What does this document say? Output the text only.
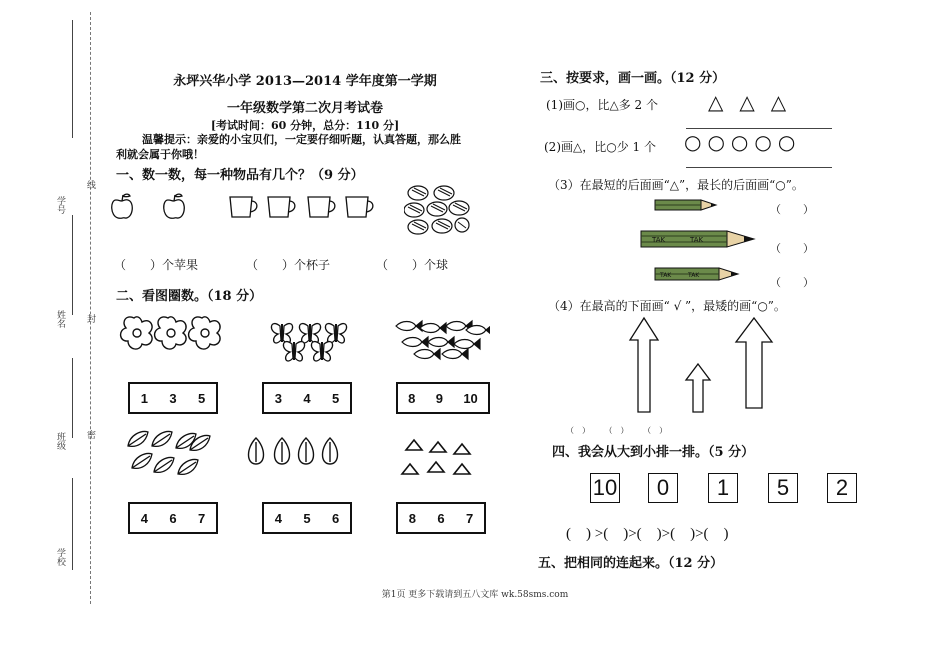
学号
线
姓名 封
班级 密
学校
永坪兴华小学 2013—2014 学年度第一学期
一年级数学第二次月考试卷
[考试时间：60 分钟，总分：110 分]
温馨提示：亲爱的小宝贝们，一定要仔细听题，认真答题，那么胜
利就会属于你哦！
一、数一数，每一种物品有几个？（9 分）
（　　）个苹果	（　　）个杯子	（　　）个球
二、看图圈数。（18 分）
1 3 5	3 4 5	8 9 10
4 6 7	4 5 6	8 6 7
三、按要求，画一画。（12 分）
(1)画○，比△多 2 个	△△△
(2)画△，比○少 1 个 ○○○○○
（3）在最短的后面画“△”，最长的后面画“○”。
（　　）
TAK	TAK
（　　）
TAK	TAK
（　　）
（4）在最高的下面画“ √ ”，最矮的画“○”。
（　） （　） （　）
四、我会从大到小排一排。（5 分）
10	0	1	5	2
(　) >(　)>(　)>(　)>(　)
五、把相同的连起来。（12 分）
第1页 更多下载请到五八文库 wk.58sms.com
